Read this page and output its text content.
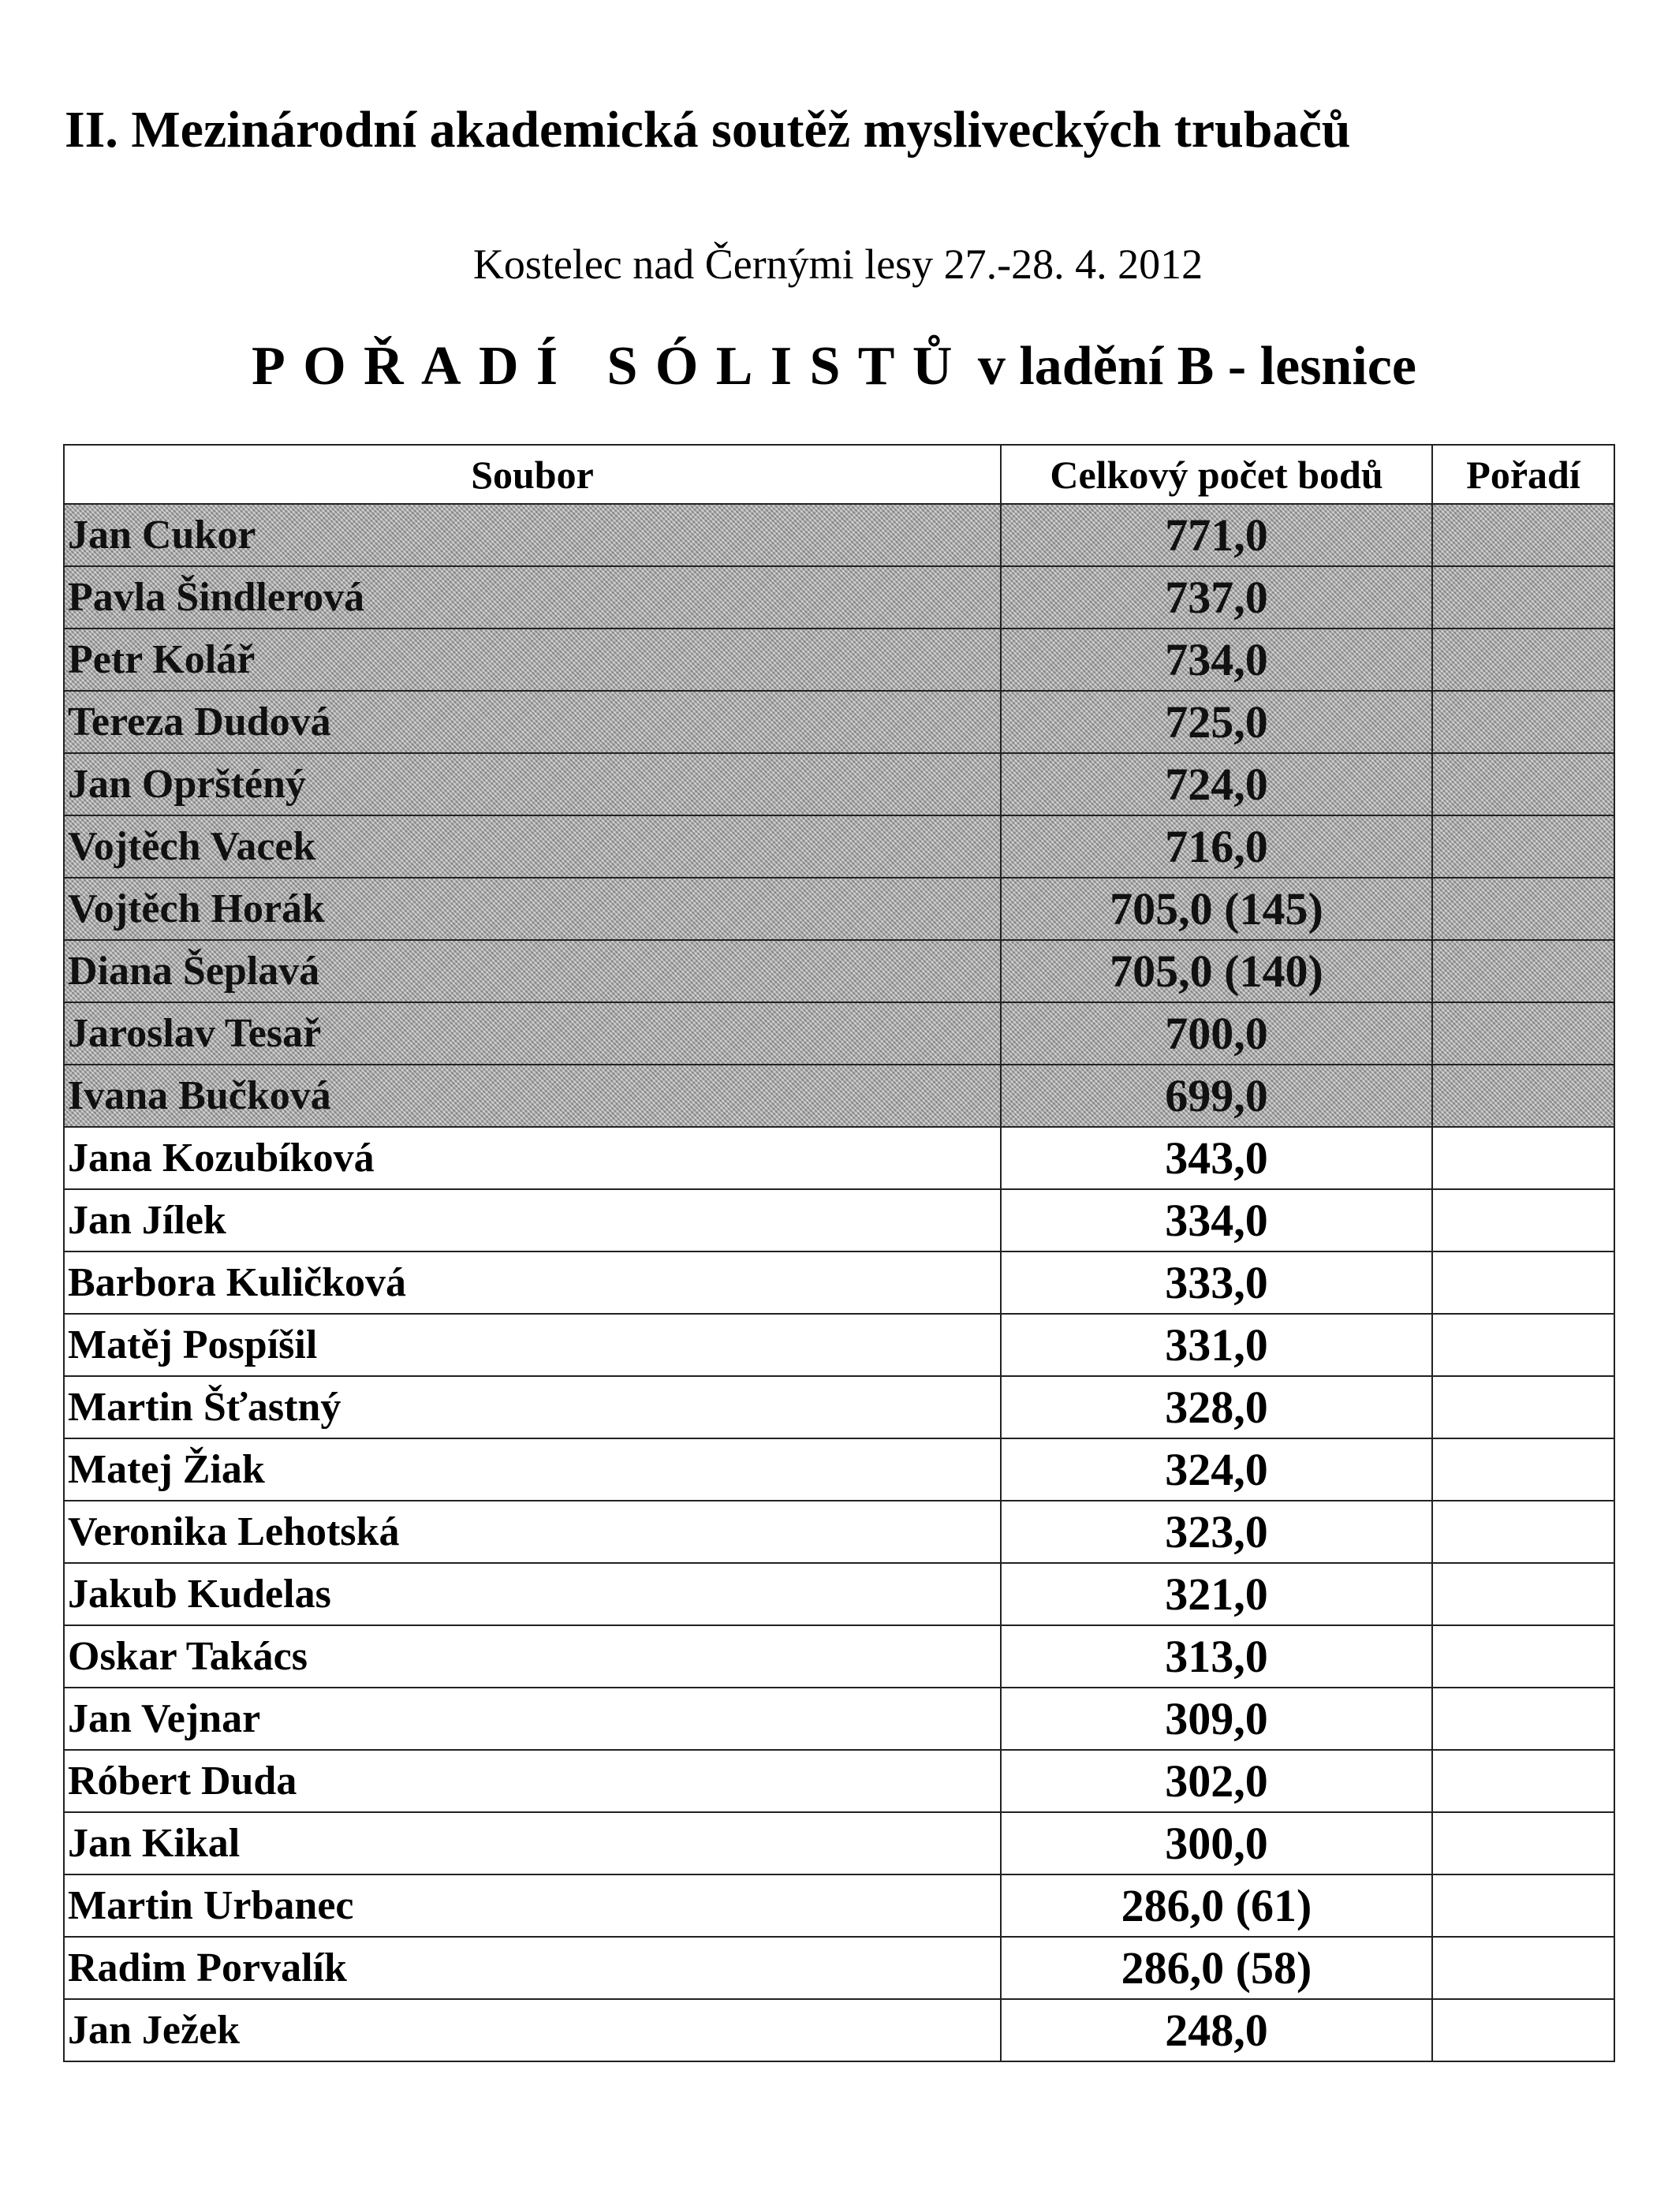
II. Mezinárodní akademická soutěž mysliveckých trubačů
Kostelec nad Černými lesy 27.-28. 4. 2012
POŘADÍ SÓLISTŮ v ladění B - lesnice
Soubor	Celkový počet bodů	Pořadí
Jan Cukor	771,0	
Pavla Šindlerová	737,0	
Petr Kolář	734,0	
Tereza Dudová	725,0	
Jan Opršténý	724,0	
Vojtěch Vacek	716,0	
Vojtěch Horák	705,0 (145)	
Diana Šeplavá	705,0 (140)	
Jaroslav Tesař	700,0	
Ivana Bučková	699,0	
Jana Kozubíková	343,0	
Jan Jílek	334,0	
Barbora Kuličková	333,0	
Matěj Pospíšil	331,0	
Martin Šťastný	328,0	
Matej Žiak	324,0	
Veronika Lehotská	323,0	
Jakub Kudelas	321,0	
Oskar Takács	313,0	
Jan Vejnar	309,0	
Róbert Duda	302,0	
Jan Kikal	300,0	
Martin Urbanec	286,0 (61)	
Radim Porvalík	286,0 (58)	
Jan Ježek	248,0	
